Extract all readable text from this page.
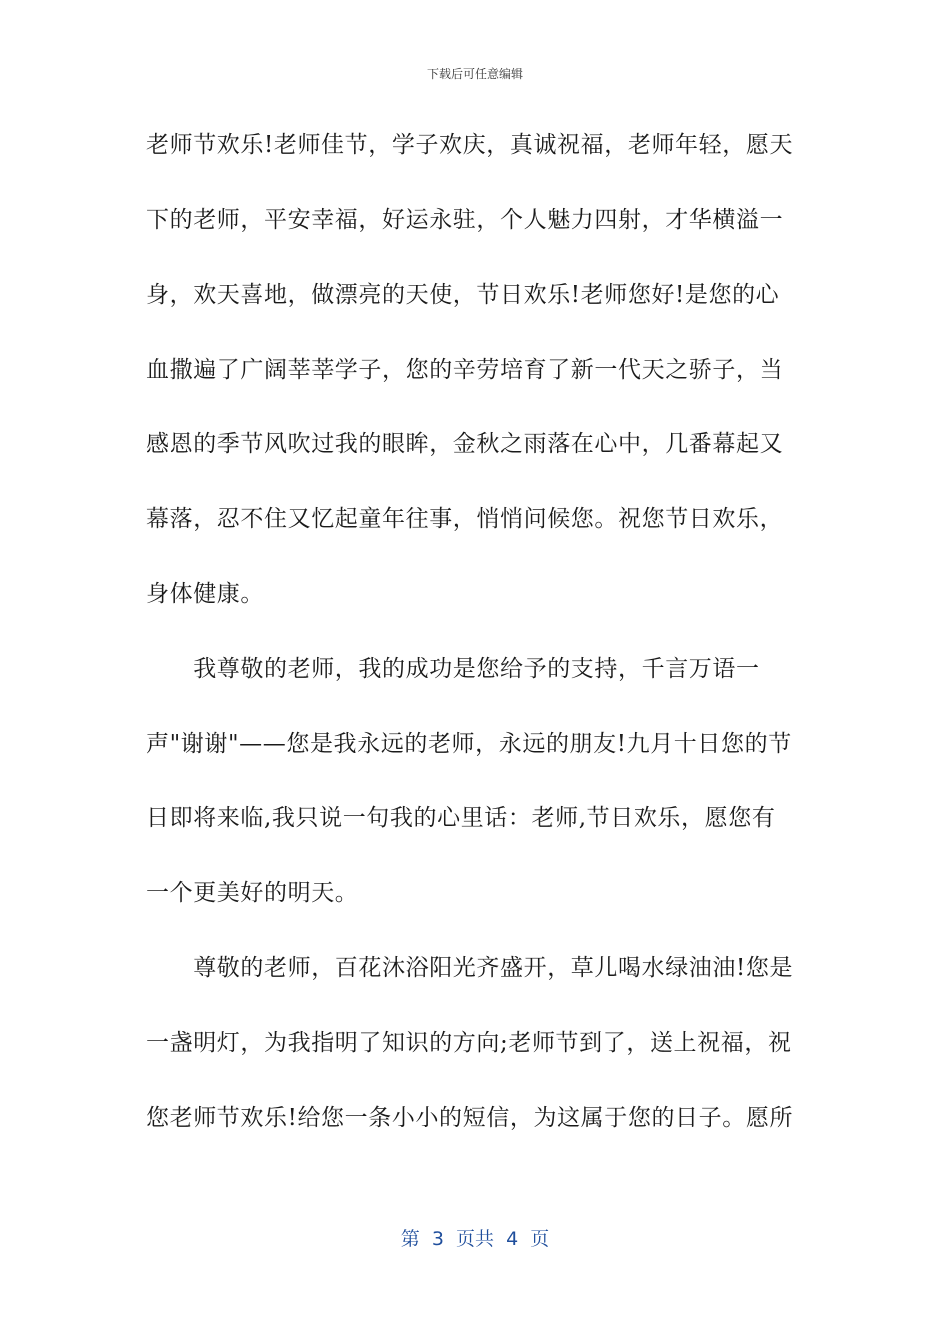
下载后可任意编辑
老师节欢乐!老师佳节，学子欢庆，真诚祝福，老师年轻，愿天
下的老师，平安幸福，好运永驻，个人魅力四射，才华横溢一
身，欢天喜地，做漂亮的天使，节日欢乐!老师您好!是您的心
血撒遍了广阔莘莘学子，您的辛劳培育了新一代天之骄子，当
感恩的季节风吹过我的眼眸，金秋之雨落在心中，几番幕起又
幕落，忍不住又忆起童年往事，悄悄问候您。祝您节日欢乐，
身体健康。
　　我尊敬的老师，我的成功是您给予的支持，千言万语一
声"谢谢"——您是我永远的老师，永远的朋友!九月十日您的节
日即将来临,我只说一句我的心里话：老师,节日欢乐，愿您有
一个更美好的明天。
　　尊敬的老师，百花沐浴阳光齐盛开，草儿喝水绿油油!您是
一盏明灯，为我指明了知识的方向;老师节到了，送上祝福，祝
您老师节欢乐!给您一条小小的短信，为这属于您的日子。愿所
第  3  页共  4  页
